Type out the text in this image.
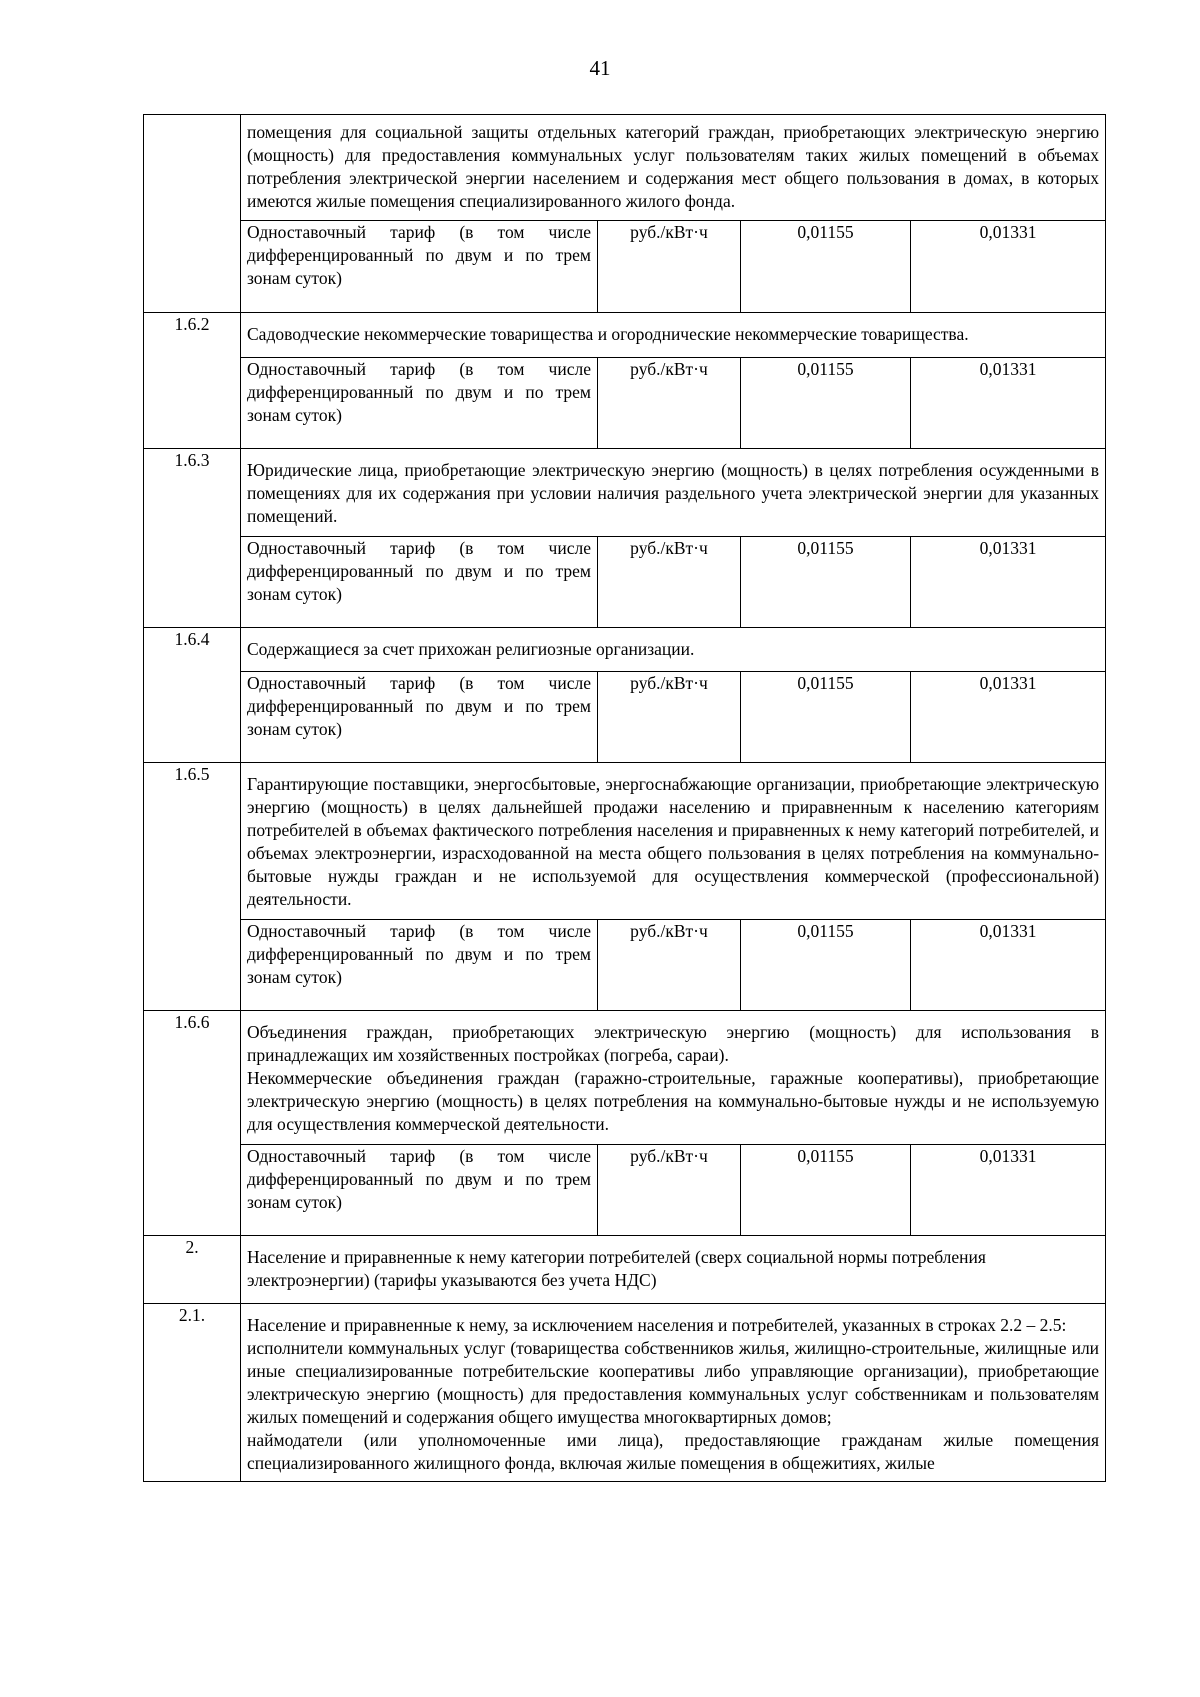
41

	помещения для социальной защиты отдельных категорий граждан, приобретающих электрическую энергию (мощность) для предоставления коммунальных услуг пользователям таких жилых помещений в объемах потребления электрической энергии населением и содержания мест общего пользования в домах, в которых имеются жилые помещения специализированного жилого фонда.			

	Одноставочный тариф (в том числе дифференцированный по двум и по трем зонам суток)	руб./кВт·ч	0,01155	0,01331
1.6.2	Садоводческие некоммерческие товарищества и огороднические некоммерческие товарищества.			

	Одноставочный тариф (в том числе дифференцированный по двум и по трем зонам суток)	руб./кВт·ч	0,01155	0,01331
1.6.3	Юридические лица, приобретающие электрическую энергию (мощность) в целях потребления осужденными в помещениях для их содержания при условии наличия раздельного учета электрической энергии для указанных помещений.			

	Одноставочный тариф (в том числе дифференцированный по двум и по трем зонам суток)	руб./кВт·ч	0,01155	0,01331
1.6.4	Содержащиеся за счет прихожан религиозные организации.			

	Одноставочный тариф (в том числе дифференцированный по двум и по трем зонам суток)	руб./кВт·ч	0,01155	0,01331
1.6.5	Гарантирующие поставщики, энергосбытовые, энергоснабжающие организации, приобретающие электрическую энергию (мощность) в целях дальнейшей продажи населению и приравненным к населению категориям потребителей в объемах фактического потребления населения и приравненных к нему категорий потребителей, и объемах электроэнергии, израсходованной на места общего пользования в целях потребления на коммунально-бытовые нужды граждан и не используемой для осуществления коммерческой (профессиональной) деятельности.			

	Одноставочный тариф (в том числе дифференцированный по двум и по трем зонам суток)	руб./кВт·ч	0,01155	0,01331
1.6.6	Объединения граждан, приобретающих электрическую энергию (мощность) для использования в принадлежащих им хозяйственных постройках (погреба, сараи).
Некоммерческие объединения граждан (гаражно-строительные, гаражные кооперативы), приобретающие электрическую энергию (мощность) в целях потребления на коммунально-бытовые нужды и не используемую для осуществления коммерческой деятельности.			

	Одноставочный тариф (в том числе дифференцированный по двум и по трем зонам суток)	руб./кВт·ч	0,01155	0,01331
2.	Население и приравненные к нему категории потребителей (сверх социальной нормы потребления электроэнергии) (тарифы указываются без учета НДС)			

2.1.	Население и приравненные к нему, за исключением населения и потребителей, указанных в строках 2.2 – 2.5:
исполнители коммунальных услуг (товарищества собственников жилья, жилищно-строительные, жилищные или иные специализированные потребительские кооперативы либо управляющие организации), приобретающие электрическую энергию (мощность) для предоставления коммунальных услуг собственникам и пользователям жилых помещений и содержания общего имущества многоквартирных домов;
наймодатели (или уполномоченные ими лица), предоставляющие гражданам жилые помещения специализированного жилищного фонда, включая жилые помещения в общежитиях, жилые			
